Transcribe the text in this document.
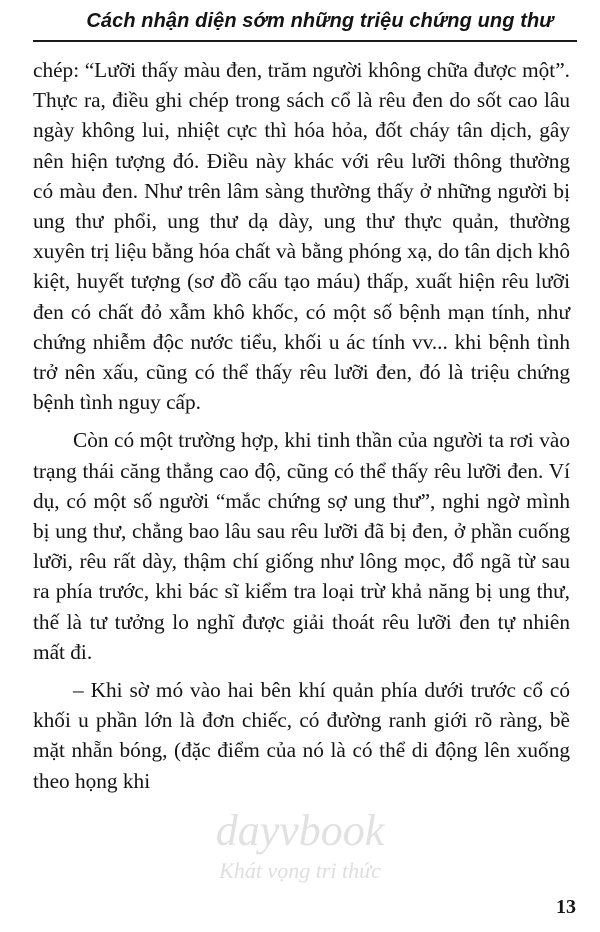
Cách nhận diện sớm những triệu chứng ung thư

chép: “Lưỡi thấy màu đen, trăm người không chữa được một”. Thực ra, điều ghi chép trong sách cổ là rêu đen do sốt cao lâu ngày không lui, nhiệt cực thì hóa hỏa, đốt cháy tân dịch, gây nên hiện tượng đó. Điều này khác với rêu lưỡi thông thường có màu đen. Như trên lâm sàng thường thấy ở những người bị ung thư phổi, ung thư dạ dày, ung thư thực quản, thường xuyên trị liệu bằng hóa chất và bằng phóng xạ, do tân dịch khô kiệt, huyết tượng (sơ đồ cấu tạo máu) thấp, xuất hiện rêu lưỡi đen có chất đỏ xẫm khô khốc, có một số bệnh mạn tính, như chứng nhiễm độc nước tiểu, khối u ác tính vv... khi bệnh tình trở nên xấu, cũng có thể thấy rêu lưỡi đen, đó là triệu chứng bệnh tình nguy cấp.

Còn có một trường hợp, khi tinh thần của người ta rơi vào trạng thái căng thẳng cao độ, cũng có thể thấy rêu lưỡi đen. Ví dụ, có một số người “mắc chứng sợ ung thư”, nghi ngờ mình bị ung thư, chẳng bao lâu sau rêu lưỡi đã bị đen, ở phần cuống lưỡi, rêu rất dày, thậm chí giống như lông mọc, đổ ngã từ sau ra phía trước, khi bác sĩ kiểm tra loại trừ khả năng bị ung thư, thế là tư tưởng lo nghĩ được giải thoát rêu lưỡi đen tự nhiên mất đi.

– Khi sờ mó vào hai bên khí quản phía dưới trước cổ có khối u phần lớn là đơn chiếc, có đường ranh giới rõ ràng, bề mặt nhẵn bóng, (đặc điểm của nó là có thể di động lên xuống theo họng khi

dayvbook
Khát vọng tri thức
13
